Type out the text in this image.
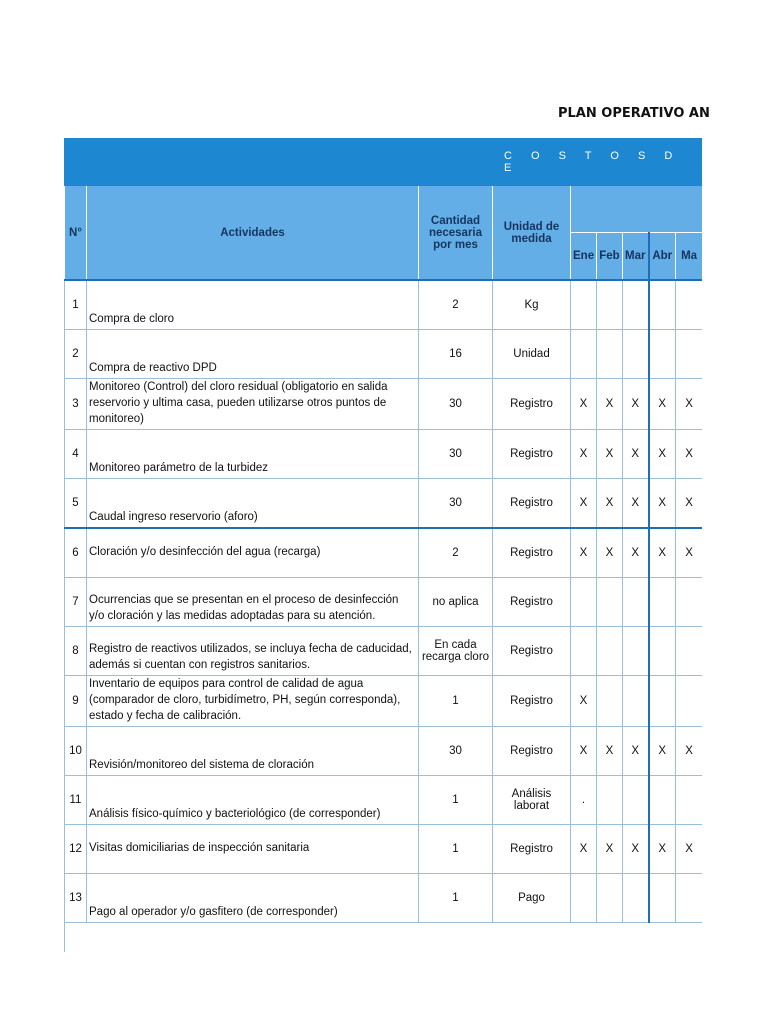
PLAN OPERATIVO AN
C O S T O S D E								

N°	Actividades	Cantidad necesaria por mes	Unidad de medida					
				Ene	Feb	Mar	Abr	Ma
1	Compra de cloro	2	Kg					
2	Compra de reactivo DPD	16	Unidad					
3	Monitoreo (Control) del cloro residual (obligatorio en salida reservorio y ultima casa, pueden utilizarse otros puntos de monitoreo)	30	Registro	X	X	X	X	X
4	Monitoreo parámetro de la turbidez	30	Registro	X	X	X	X	X
5	Caudal ingreso reservorio (aforo)	30	Registro	X	X	X	X	X
6	Cloración y/o desinfección del agua (recarga)	2	Registro	X	X	X	X	X
7	Ocurrencias que se presentan en el proceso de desinfección y/o cloración y las medidas adoptadas para su atención.	no aplica	Registro					
8	Registro de reactivos utilizados, se incluya fecha de caducidad, además si cuentan con registros sanitarios.	En cada recarga cloro	Registro					
9	Inventario de equipos para control de calidad de agua (comparador de cloro, turbidímetro, PH, según corresponda), estado y fecha de calibración.	1	Registro	X				
10	Revisión/monitoreo del sistema de cloración	30	Registro	X	X	X	X	X
11	Análisis físico-químico y bacteriológico (de corresponder)	1	Análisis laborat	.				
12	Visitas domiciliarias de inspección sanitaria	1	Registro	X	X	X	X	X
13	Pago al operador y/o gasfitero (de corresponder)	1	Pago					
